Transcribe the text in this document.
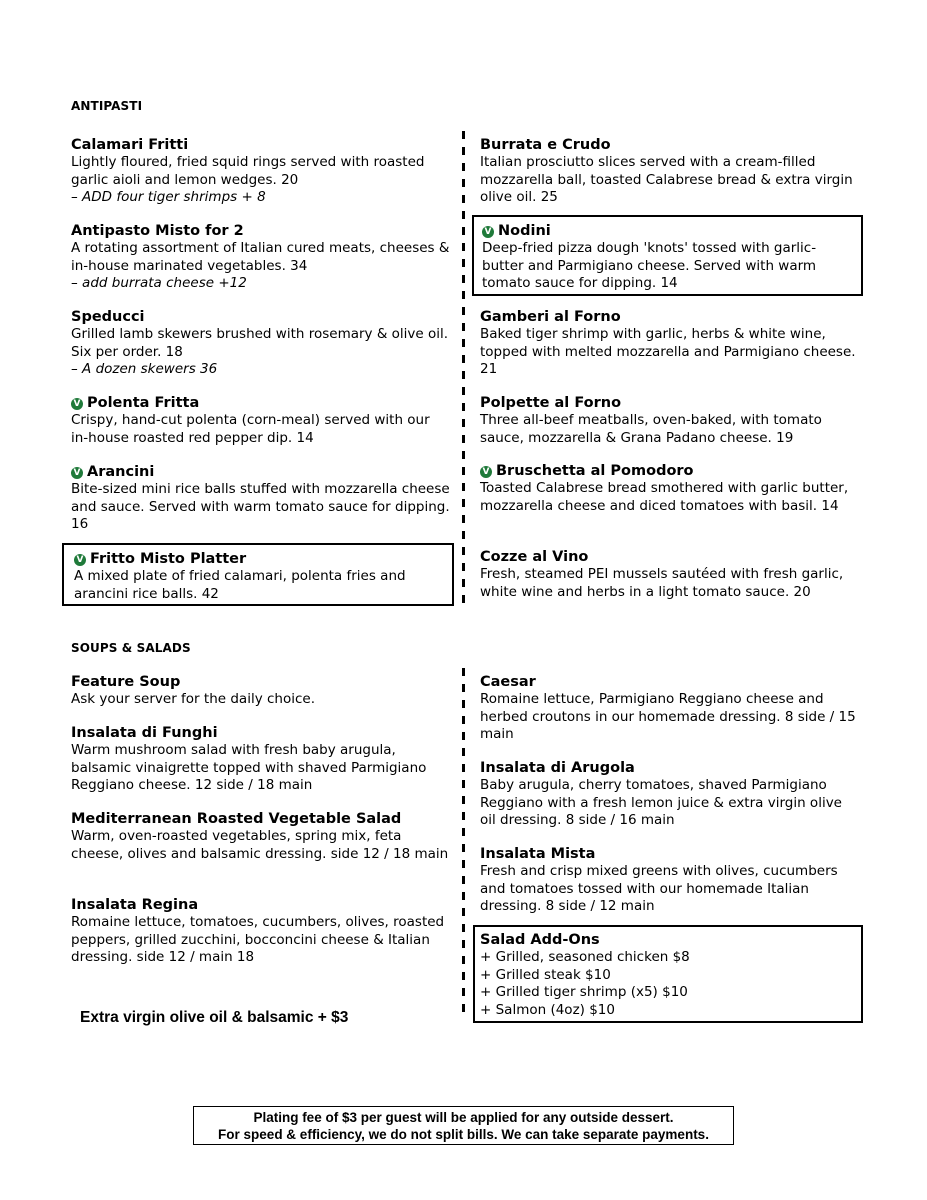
ANTIPASTI
Calamari Fritti
Lightly floured, fried squid rings served with roasted garlic aioli and lemon wedges. 20
– ADD four tiger shrimps + 8
Antipasto Misto for 2
A rotating assortment of Italian cured meats, cheeses & in-house marinated vegetables. 34
– add burrata cheese +12
Speducci
Grilled lamb skewers brushed with rosemary & olive oil. Six per order. 18
– A dozen skewers 36
V Polenta Fritta
Crispy, hand-cut polenta (corn-meal) served with our in-house roasted red pepper dip. 14
V Arancini
Bite-sized mini rice balls stuffed with mozzarella cheese and sauce. Served with warm tomato sauce for dipping. 16
V Fritto Misto Platter
A mixed plate of fried calamari, polenta fries and arancini rice balls. 42
Burrata e Crudo
Italian prosciutto slices served with a cream-filled mozzarella ball, toasted Calabrese bread & extra virgin olive oil. 25
V Nodini
Deep-fried pizza dough 'knots' tossed with garlic-butter and Parmigiano cheese. Served with warm tomato sauce for dipping. 14
Gamberi al Forno
Baked tiger shrimp with garlic, herbs & white wine, topped with melted mozzarella and Parmigiano cheese. 21
Polpette al Forno
Three all-beef meatballs, oven-baked, with tomato sauce, mozzarella & Grana Padano cheese. 19
V Bruschetta al Pomodoro
Toasted Calabrese bread smothered with garlic butter, mozzarella cheese and diced tomatoes with basil. 14
Cozze al Vino
Fresh, steamed PEI mussels sautéed with fresh garlic, white wine and herbs in a light tomato sauce. 20
SOUPS & SALADS
Feature Soup
Ask your server for the daily choice.
Insalata di Funghi
Warm mushroom salad with fresh baby arugula, balsamic vinaigrette topped with shaved Parmigiano Reggiano cheese. 12 side / 18 main
Mediterranean Roasted Vegetable Salad
Warm, oven-roasted vegetables, spring mix, feta cheese, olives and balsamic dressing. side 12 / 18 main
Insalata Regina
Romaine lettuce, tomatoes, cucumbers, olives, roasted peppers, grilled zucchini, bocconcini cheese & Italian dressing. side 12 / main 18
Extra virgin olive oil & balsamic + $3
Caesar
Romaine lettuce, Parmigiano Reggiano cheese and herbed croutons in our homemade dressing. 8 side / 15 main
Insalata di Arugola
Baby arugula, cherry tomatoes, shaved Parmigiano Reggiano with a fresh lemon juice & extra virgin olive oil dressing. 8 side / 16 main
Insalata Mista
Fresh and crisp mixed greens with olives, cucumbers and tomatoes tossed with our homemade Italian dressing. 8 side / 12 main
Salad Add-Ons
+ Grilled, seasoned chicken $8
+ Grilled steak $10
+ Grilled tiger shrimp (x5) $10
+ Salmon (4oz) $10
Plating fee of $3 per guest will be applied for any outside dessert.
For speed & efficiency, we do not split bills. We can take separate payments.
